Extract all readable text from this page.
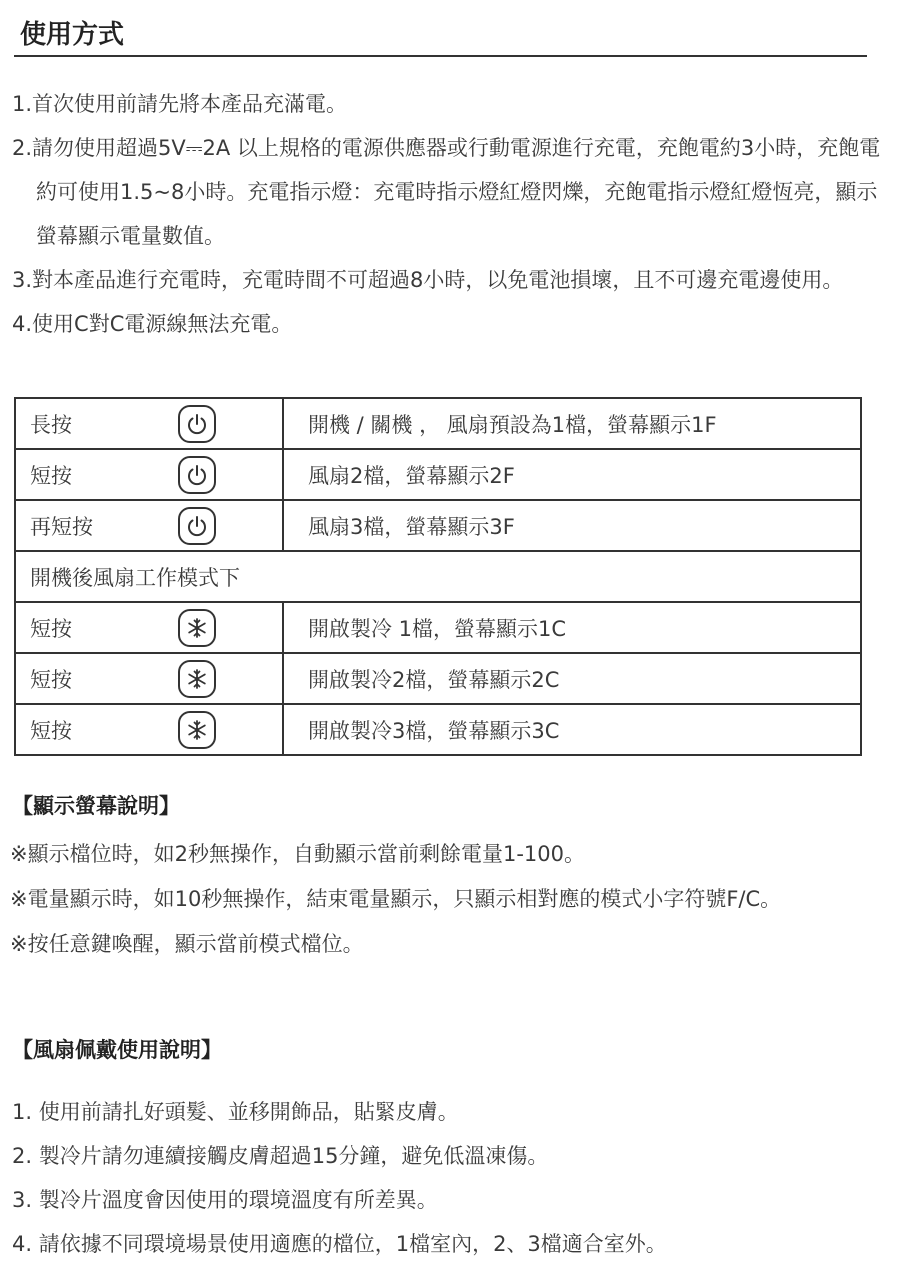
使用方式
1.首次使用前請先將本產品充滿電。
2.請勿使用超過5V⎓2A 以上規格的電源供應器或行動電源進行充電，充飽電約3小時，充飽電約可使用1.5~8小時。充電指示燈：充電時指示燈紅燈閃爍，充飽電指示燈紅燈恆亮，顯示螢幕顯示電量數值。
3.對本產品進行充電時，充電時間不可超過8小時，以免電池損壞，且不可邊充電邊使用。
4.使用C對C電源線無法充電。
長按		開機 / 關機 ， 風扇預設為1檔，螢幕顯示1F
短按		風扇2檔，螢幕顯示2F
再短按		風扇3檔，螢幕顯示3F
開機後風扇工作模式下		
短按		開啟製冷 1檔，螢幕顯示1C
短按		開啟製冷2檔，螢幕顯示2C
短按		開啟製冷3檔，螢幕顯示3C
【顯示螢幕說明】
※顯示檔位時，如2秒無操作，自動顯示當前剩餘電量1-100。
※電量顯示時，如10秒無操作，結束電量顯示，只顯示相對應的模式小字符號F/C。
※按任意鍵喚醒，顯示當前模式檔位。
【風扇佩戴使用說明】
1. 使用前請扎好頭髮、並移開飾品，貼緊皮膚。
2. 製冷片請勿連續接觸皮膚超過15分鐘，避免低溫凍傷。
3. 製冷片溫度會因使用的環境溫度有所差異。
4. 請依據不同環境場景使用適應的檔位，1檔室內，2、3檔適合室外。
